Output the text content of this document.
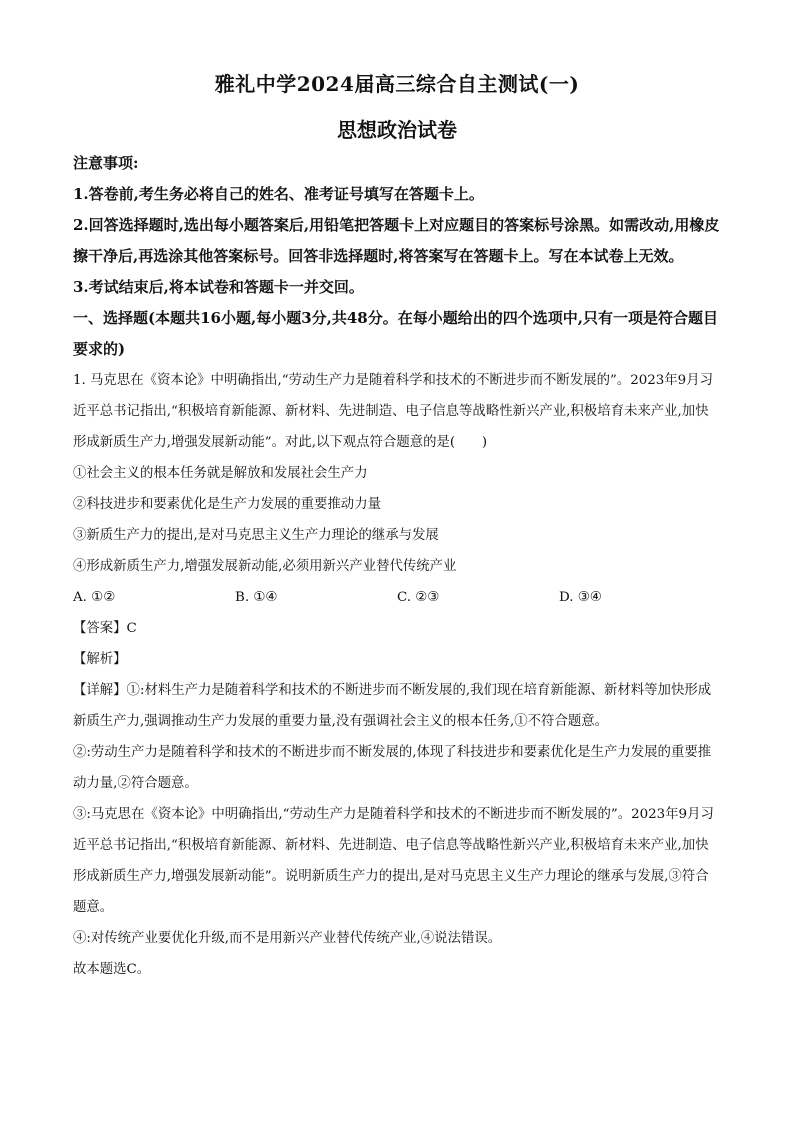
雅礼中学2024届高三综合自主测试(一)
思想政治试卷

注意事项:

1.答卷前,考生务必将自己的姓名、准考证号填写在答题卡上。

2.回答选择题时,选出每小题答案后,用铅笔把答题卡上对应题目的答案标号涂黑。如需改动,用橡皮擦干净后,再选涂其他答案标号。回答非选择题时,将答案写在答题卡上。写在本试卷上无效。

3.考试结束后,将本试卷和答题卡一并交回。

一、选择题(本题共16小题,每小题3分,共48分。在每小题给出的四个选项中,只有一项是符合题目要求的)

1. 马克思在《资本论》中明确指出,“劳动生产力是随着科学和技术的不断进步而不断发展的”。2023年9月习近平总书记指出,“积极培育新能源、新材料、先进制造、电子信息等战略性新兴产业,积极培育未来产业,加快形成新质生产力,增强发展新动能”。对此,以下观点符合题意的是(　　)

①社会主义的根本任务就是解放和发展社会生产力

②科技进步和要素优化是生产力发展的重要推动力量

③新质生产力的提出,是对马克思主义生产力理论的继承与发展

④形成新质生产力,增强发展新动能,必须用新兴产业替代传统产业

A. ①②	B. ①④	C. ②③	D. ③④

【答案】C

【解析】

【详解】①:材料生产力是随着科学和技术的不断进步而不断发展的,我们现在培育新能源、新材料等加快形成新质生产力,强调推动生产力发展的重要力量,没有强调社会主义的根本任务,①不符合题意。

②:劳动生产力是随着科学和技术的不断进步而不断发展的,体现了科技进步和要素优化是生产力发展的重要推动力量,②符合题意。

③:马克思在《资本论》中明确指出,“劳动生产力是随着科学和技术的不断进步而不断发展的”。2023年9月习近平总书记指出,“积极培育新能源、新材料、先进制造、电子信息等战略性新兴产业,积极培育未来产业,加快形成新质生产力,增强发展新动能”。说明新质生产力的提出,是对马克思主义生产力理论的继承与发展,③符合题意。

④:对传统产业要优化升级,而不是用新兴产业替代传统产业,④说法错误。

故本题选C。
